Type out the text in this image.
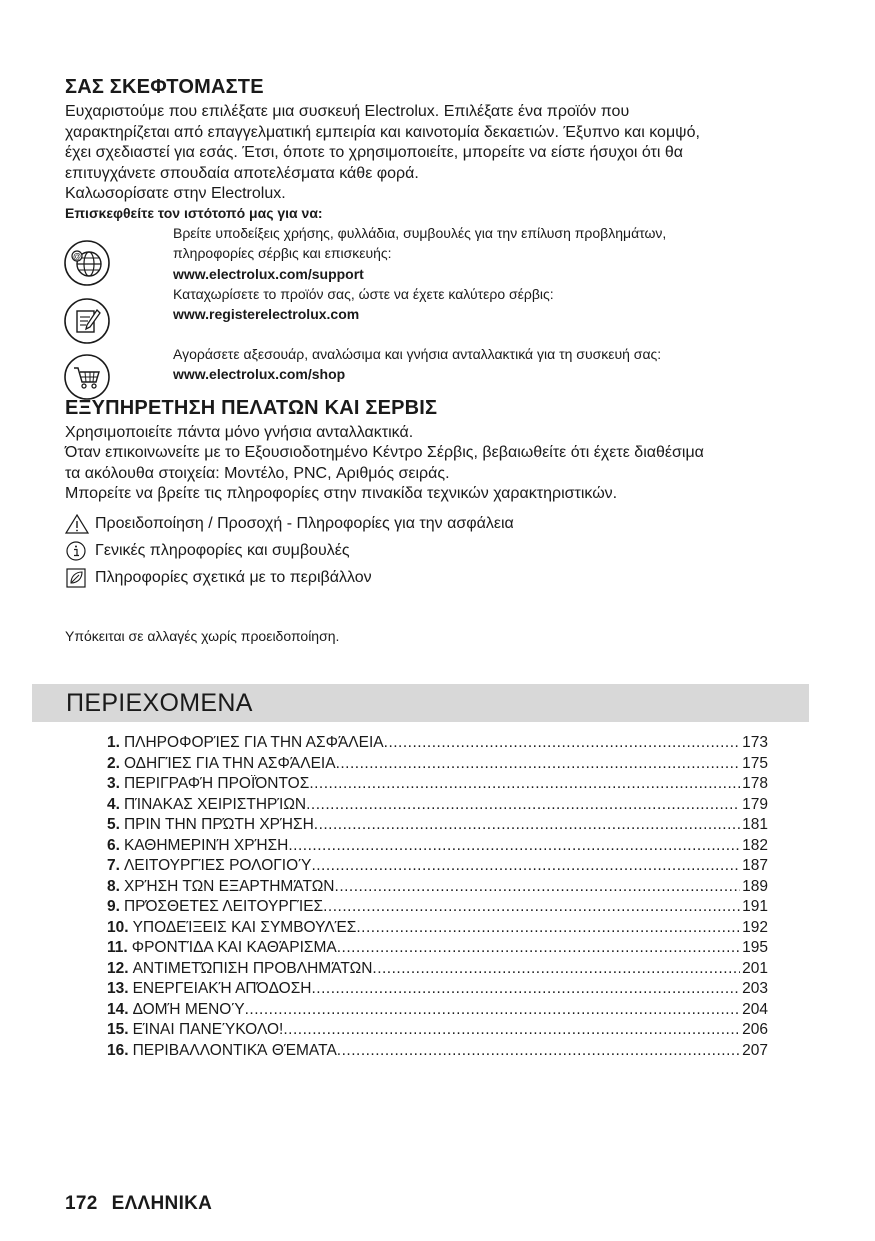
ΣΑΣ ΣΚΕΦΤΟΜΑΣΤΕ
Ευχαριστούμε που επιλέξατε μια συσκευή Electrolux. Επιλέξατε ένα προϊόν που
χαρακτηρίζεται από επαγγελματική εμπειρία και καινοτομία δεκαετιών. Έξυπνο και κομψό,
έχει σχεδιαστεί για εσάς. Έτσι, όποτε το χρησιμοποιείτε, μπορείτε να είστε ήσυχοι ότι θα
επιτυγχάνετε σπουδαία αποτελέσματα κάθε φορά.
Καλωσορίσατε στην Electrolux.
Επισκεφθείτε τον ιστότοπό μας για να:
@
Βρείτε υποδείξεις χρήσης, φυλλάδια, συμβουλές για την επίλυση προβλημάτων,
πληροφορίες σέρβις και επισκευής:
www.electrolux.com/support
Καταχωρίσετε το προϊόν σας, ώστε να έχετε καλύτερο σέρβις:
www.registerelectrolux.com
Αγοράσετε αξεσουάρ, αναλώσιμα και γνήσια ανταλλακτικά για τη συσκευή σας:
www.electrolux.com/shop
ΕΞΥΠΗΡΕΤΗΣΗ ΠΕΛΑΤΩΝ ΚΑΙ ΣΕΡΒΙΣ
Χρησιμοποιείτε πάντα μόνο γνήσια ανταλλακτικά.
Όταν επικοινωνείτε με το Εξουσιοδοτημένο Κέντρο Σέρβις, βεβαιωθείτε ότι έχετε διαθέσιμα
τα ακόλουθα στοιχεία: Μοντέλο, PNC, Αριθμός σειράς.
Μπορείτε να βρείτε τις πληροφορίες στην πινακίδα τεχνικών χαρακτηριστικών.
Προειδοποίηση / Προσοχή - Πληροφορίες για την ασφάλεια
Γενικές πληροφορίες και συμβουλές
Πληροφορίες σχετικά με το περιβάλλον
Υπόκειται σε αλλαγές χωρίς προειδοποίηση.
ΠΕΡΙΕΧΟΜΕΝΑ
1. ΠΛΗΡΟΦΟΡΊΕΣ ΓΙΑ ΤΗΝ ΑΣΦΆΛΕΙΑ .....	173
2. ΟΔΗΓΊΕΣ ΓΙΑ ΤΗΝ ΑΣΦΆΛΕΙΑ .....	175
3. ΠΕΡΙΓΡΑΦΉ ΠΡΟΪΌΝΤΟΣ .....	178
4. ΠΊΝΑΚΑΣ ΧΕΙΡΙΣΤΗΡΊΩΝ .....	179
5. ΠΡΙΝ ΤΗΝ ΠΡΏΤΗ ΧΡΉΣΗ .....	181
6. ΚΑΘΗΜΕΡΙΝΉ ΧΡΉΣΗ .....	182
7. ΛΕΙΤΟΥΡΓΊΕΣ ΡΟΛΟΓΙΟΎ .....	187
8. ΧΡΉΣΗ ΤΩΝ ΕΞΑΡΤΗΜΆΤΩΝ .....	189
9. ΠΡΌΣΘΕΤΕΣ ΛΕΙΤΟΥΡΓΊΕΣ .....	191
10. ΥΠΟΔΕΊΞΕΙΣ ΚΑΙ ΣΥΜΒΟΥΛΈΣ .....	192
11. ΦΡΟΝΤΊΔΑ ΚΑΙ ΚΑΘΆΡΙΣΜΑ .....	195
12. ΑΝΤΙΜΕΤΏΠΙΣΗ ΠΡΟΒΛΗΜΆΤΩΝ .....	201
13. ΕΝΕΡΓΕΙΑΚΉ ΑΠΌΔΟΣΗ .....	203
14. ΔΟΜΉ ΜΕΝΟΎ .....	204
15. ΕΊΝΑΙ ΠΑΝΕΎΚΟΛΟ! .....	206
16. ΠΕΡΙΒΑΛΛΟΝΤΙΚΆ ΘΈΜΑΤΑ .....	207
172 ΕΛΛΗΝΙΚΑ
